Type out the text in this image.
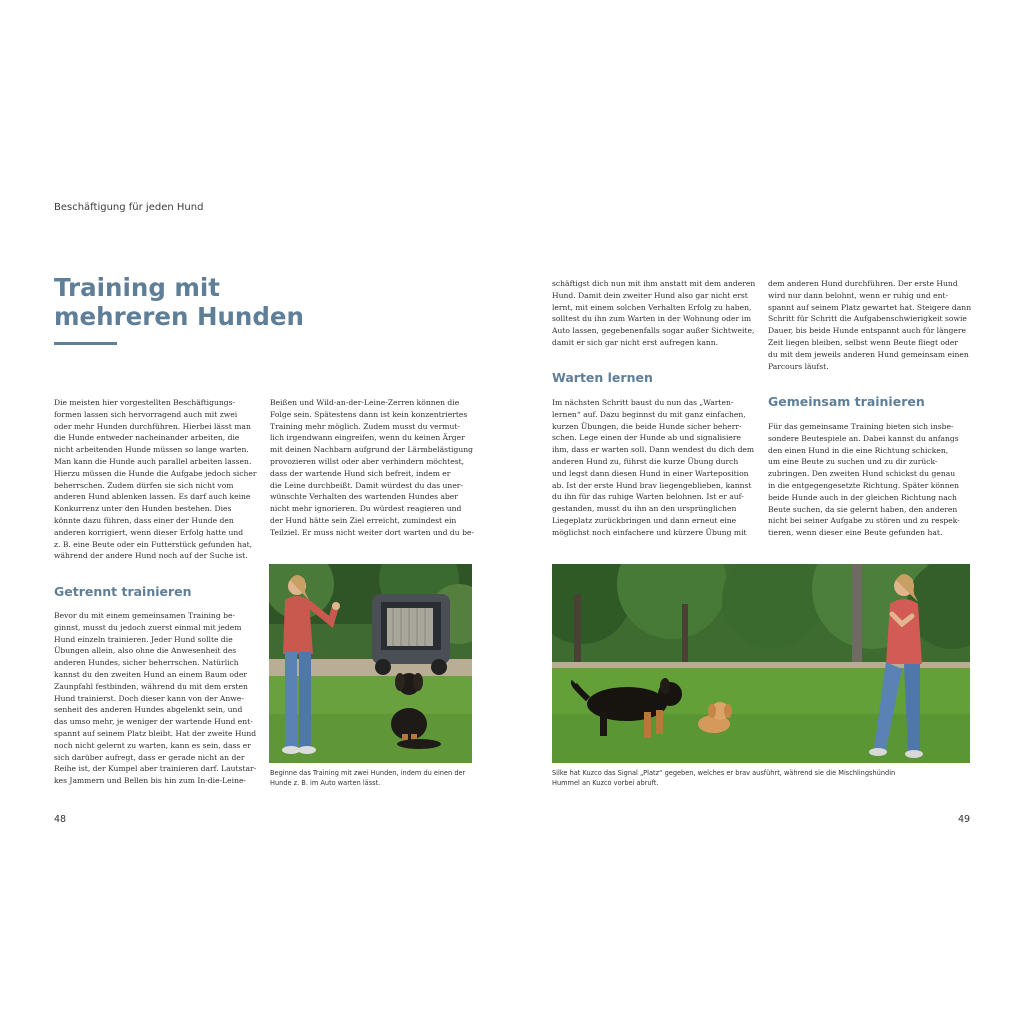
Beschäftigung für jeden Hund
Training mit mehreren Hunden

Die meisten hier vorgestellten Beschäftigungs-
formen lassen sich hervorragend auch mit zwei
oder mehr Hunden durchführen. Hierbei lässt man
die Hunde entweder nacheinander arbeiten, die
nicht arbeitenden Hunde müssen so lange warten.
Man kann die Hunde auch parallel arbeiten lassen.
Hierzu müssen die Hunde die Aufgabe jedoch sicher
beherrschen. Zudem dürfen sie sich nicht vom
anderen Hund ablenken lassen. Es darf auch keine
Konkurrenz unter den Hunden bestehen. Dies
könnte dazu führen, dass einer der Hunde den
anderen korrigiert, wenn dieser Erfolg hatte und
z. B. eine Beute oder ein Futterstück gefunden hat,
während der andere Hund noch auf der Suche ist.

Getrennt trainieren

Bevor du mit einem gemeinsamen Training be-
ginnst, musst du jedoch zuerst einmal mit jedem
Hund einzeln trainieren. Jeder Hund sollte die
Übungen allein, also ohne die Anwesenheit des
anderen Hundes, sicher beherrschen. Natürlich
kannst du den zweiten Hund an einem Baum oder
Zaunpfahl festbinden, während du mit dem ersten
Hund trainierst. Doch dieser kann von der Anwe-
senheit des anderen Hundes abgelenkt sein, und
das umso mehr, je weniger der wartende Hund ent-
spannt auf seinem Platz bleibt. Hat der zweite Hund
noch nicht gelernt zu warten, kann es sein, dass er
sich darüber aufregt, dass er gerade nicht an der
Reihe ist, der Kumpel aber trainieren darf. Lautstar-
kes Jammern und Bellen bis hin zum In-die-Leine-

Beißen und Wild-an-der-Leine-Zerren können die
Folge sein. Spätestens dann ist kein konzentriertes
Training mehr möglich. Zudem musst du vermut-
lich irgendwann eingreifen, wenn du keinen Ärger
mit deinen Nachbarn aufgrund der Lärmbelästigung
provozieren willst oder aber verhindern möchtest,
dass der wartende Hund sich befreit, indem er
die Leine durchbeißt. Damit würdest du das uner-
wünschte Verhalten des wartenden Hundes aber
nicht mehr ignorieren. Du würdest reagieren und
der Hund hätte sein Ziel erreicht, zumindest ein
Teilziel. Er muss nicht weiter dort warten und du be-

Beginne das Training mit zwei Hunden, indem du einen der
Hunde z. B. im Auto warten lässt.

48

schäftigst dich nun mit ihm anstatt mit dem anderen
Hund. Damit dein zweiter Hund also gar nicht erst
lernt, mit einem solchen Verhalten Erfolg zu haben,
solltest du ihn zum Warten in der Wohnung oder im
Auto lassen, gegebenenfalls sogar außer Sichtweite,
damit er sich gar nicht erst aufregen kann.

Warten lernen

Im nächsten Schritt baust du nun das „Warten-
lernen“ auf. Dazu beginnst du mit ganz einfachen,
kurzen Übungen, die beide Hunde sicher beherr-
schen. Lege einen der Hunde ab und signalisiere
ihm, dass er warten soll. Dann wendest du dich dem
anderen Hund zu, führst die kurze Übung durch
und legst dann diesen Hund in einer Warteposition
ab. Ist der erste Hund brav liegengeblieben, kannst
du ihn für das ruhige Warten belohnen. Ist er auf-
gestanden, musst du ihn an den ursprünglichen
Liegeplatz zurückbringen und dann erneut eine
möglichst noch einfachere und kürzere Übung mit

dem anderen Hund durchführen. Der erste Hund
wird nur dann belohnt, wenn er ruhig und ent-
spannt auf seinem Platz gewartet hat. Steigere dann
Schritt für Schritt die Aufgabenschwierigkeit sowie
Dauer, bis beide Hunde entspannt auch für längere
Zeit liegen bleiben, selbst wenn Beute fliegt oder
du mit dem jeweils anderen Hund gemeinsam einen
Parcours läufst.

Gemeinsam trainieren

Für das gemeinsame Training bieten sich insbe-
sondere Beutespiele an. Dabei kannst du anfangs
den einen Hund in die eine Richtung schicken,
um eine Beute zu suchen und zu dir zurück-
zubringen. Den zweiten Hund schickst du genau
in die entgegengesetzte Richtung. Später können
beide Hunde auch in der gleichen Richtung nach
Beute suchen, da sie gelernt haben, den anderen
nicht bei seiner Aufgabe zu stören und zu respek-
tieren, wenn dieser eine Beute gefunden hat.

Silke hat Kuzco das Signal „Platz“ gegeben, welches er brav ausführt, während sie die Mischlingshündin
Hummel an Kuzco vorbei abruft.

49
